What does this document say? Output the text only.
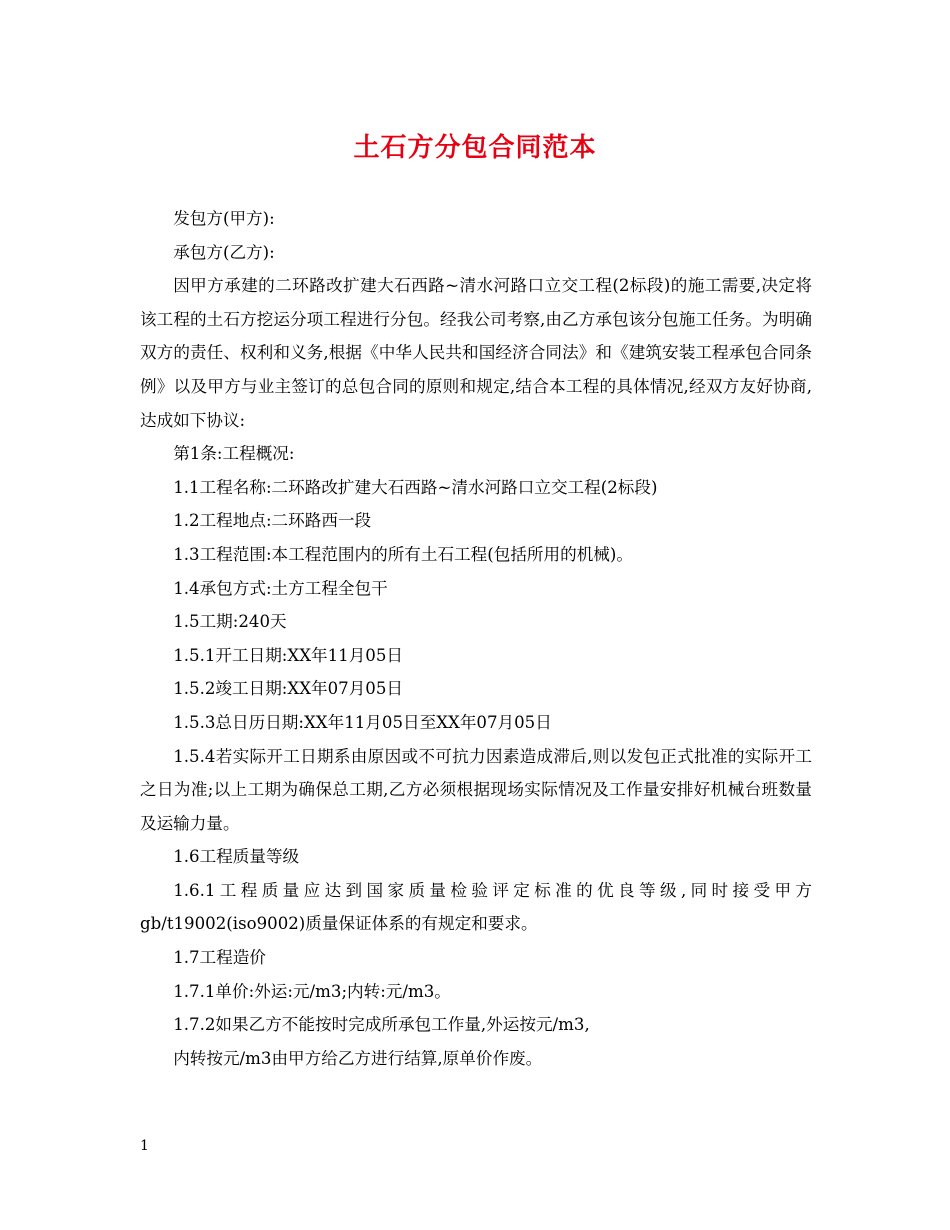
土石方分包合同范本

发包方(甲方):

承包方(乙方):

因甲方承建的二环路改扩建大石西路~清水河路口立交工程(2标段)的施工需要,决定将该工程的土石方挖运分项工程进行分包。经我公司考察,由乙方承包该分包施工任务。为明确双方的责任、权利和义务,根据《中华人民共和国经济合同法》和《建筑安装工程承包合同条例》以及甲方与业主签订的总包合同的原则和规定,结合本工程的具体情况,经双方友好协商,达成如下协议:

第1条:工程概况:

1.1工程名称:二环路改扩建大石西路~清水河路口立交工程(2标段)

1.2工程地点:二环路西一段

1.3工程范围:本工程范围内的所有土石工程(包括所用的机械)。

1.4承包方式:土方工程全包干

1.5工期:240天

1.5.1开工日期:XX年11月05日

1.5.2竣工日期:XX年07月05日

1.5.3总日历日期:XX年11月05日至XX年07月05日

1.5.4若实际开工日期系由原因或不可抗力因素造成滞后,则以发包正式批准的实际开工之日为准;以上工期为确保总工期,乙方必须根据现场实际情况及工作量安排好机械台班数量及运输力量。

1.6工程质量等级

1.6.1工程质量应达到国家质量检验评定标准的优良等级,同时接受甲方gb/t19002(iso9002)质量保证体系的有规定和要求。

1.7工程造价

1.7.1单价:外运:元/m3;内转:元/m3。

1.7.2如果乙方不能按时完成所承包工作量,外运按元/m3,

内转按元/m3由甲方给乙方进行结算,原单价作废。

1
